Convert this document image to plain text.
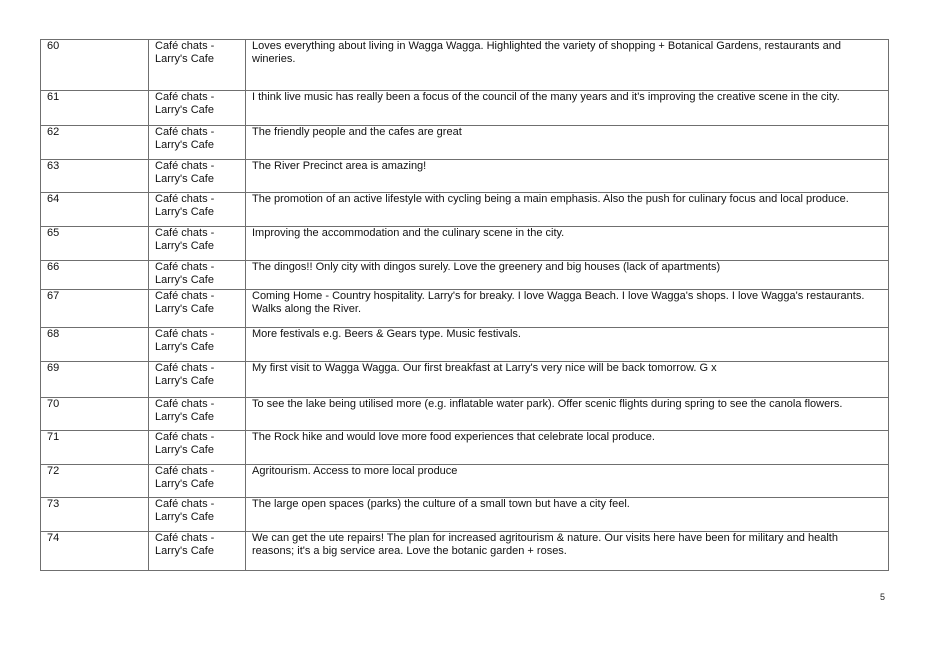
60	Café chats - Larry's Cafe	Loves everything about living in Wagga Wagga. Highlighted the variety of shopping + Botanical Gardens, restaurants and wineries.
61	Café chats - Larry's Cafe	I think live music has really been a focus of the council of the many years and it's improving the creative scene in the city.
62	Café chats - Larry's Cafe	The friendly people and the cafes are great
63	Café chats - Larry's Cafe	The River Precinct area is amazing!
64	Café chats - Larry's Cafe	The promotion of an active lifestyle with cycling being a main emphasis. Also the push for culinary focus and local produce.
65	Café chats - Larry's Cafe	Improving the accommodation and the culinary scene in the city.
66	Café chats - Larry's Cafe	The dingos!! Only city with dingos surely. Love the greenery and big houses (lack of apartments)
67	Café chats - Larry's Cafe	Coming Home - Country hospitality. Larry's for breaky. I love Wagga Beach. I love Wagga's shops. I love Wagga's restaurants. Walks along the River.
68	Café chats - Larry's Cafe	More festivals e.g. Beers & Gears type. Music festivals.
69	Café chats - Larry's Cafe	My first visit to Wagga Wagga. Our first breakfast at Larry's very nice will be back tomorrow. G x
70	Café chats - Larry's Cafe	To see the lake being utilised more (e.g. inflatable water park). Offer scenic flights during spring to see the canola flowers.
71	Café chats - Larry's Cafe	The Rock hike and would love more food experiences that celebrate local produce.
72	Café chats - Larry's Cafe	Agritourism. Access to more local produce
73	Café chats - Larry's Cafe	The large open spaces (parks) the culture of a small town but have a city feel.
74	Café chats - Larry's Cafe	We can get the ute repairs! The plan for increased agritourism & nature. Our visits here have been for military and health reasons; it's a big service area. Love the botanic garden + roses.
5
